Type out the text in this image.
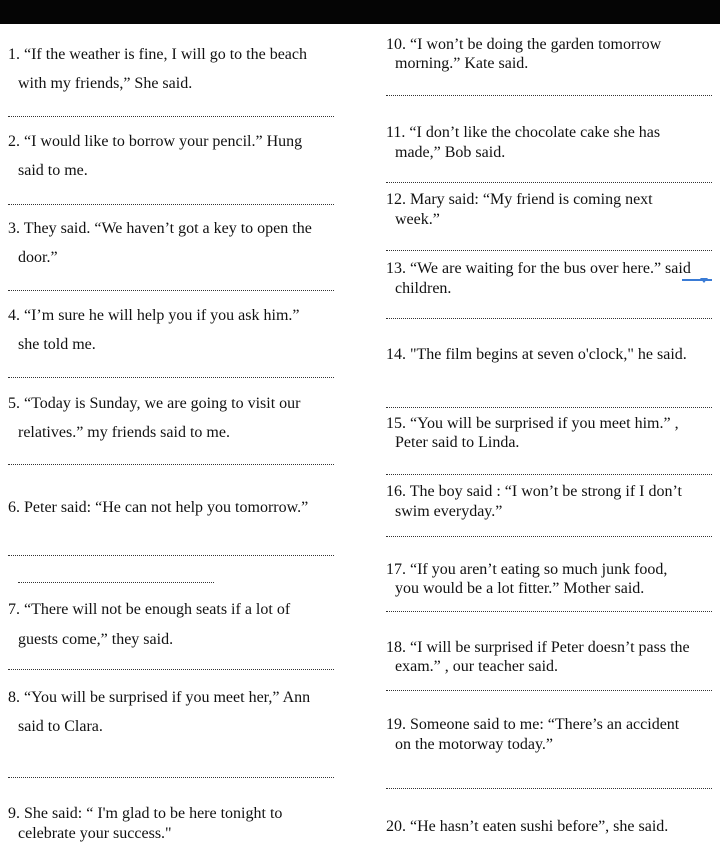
1. “If the weather is fine, I will go to the beach
with my friends,” She said.
2. “I would like to borrow your pencil.” Hung
said to me.
3. They said. “We haven’t got a key to open the
door.”
4. “I’m sure he will help you if you ask him.”
she told me.
5. “Today is Sunday, we are going to visit our
relatives.” my friends said to me.
6. Peter said: “He can not help you tomorrow.”
7. “There will not be enough seats if a lot of
guests come,” they said.
8. “You will be surprised if you meet her,” Ann
said to Clara.
9. She said: “ I'm glad to be here tonight to
celebrate your success."
10. “I won’t be doing the garden tomorrow
morning.” Kate said.
11. “I don’t like the chocolate cake she has
made,” Bob said.
12. Mary said: “My friend is coming next
week.”
13. “We are waiting for the bus over here.” said
children.
14. "The film begins at seven o'clock," he said.
15. “You will be surprised if you meet him.” ,
Peter said to Linda.
16. The boy said : “I won’t be strong if I don’t
swim everyday.”
17. “If you aren’t eating so much junk food,
you would be a lot fitter.” Mother said.
18. “I will be surprised if Peter doesn’t pass the
exam.” , our teacher said.
19. Someone said to me: “There’s an accident
on the motorway today.”
20. “He hasn’t eaten sushi before”, she said.
